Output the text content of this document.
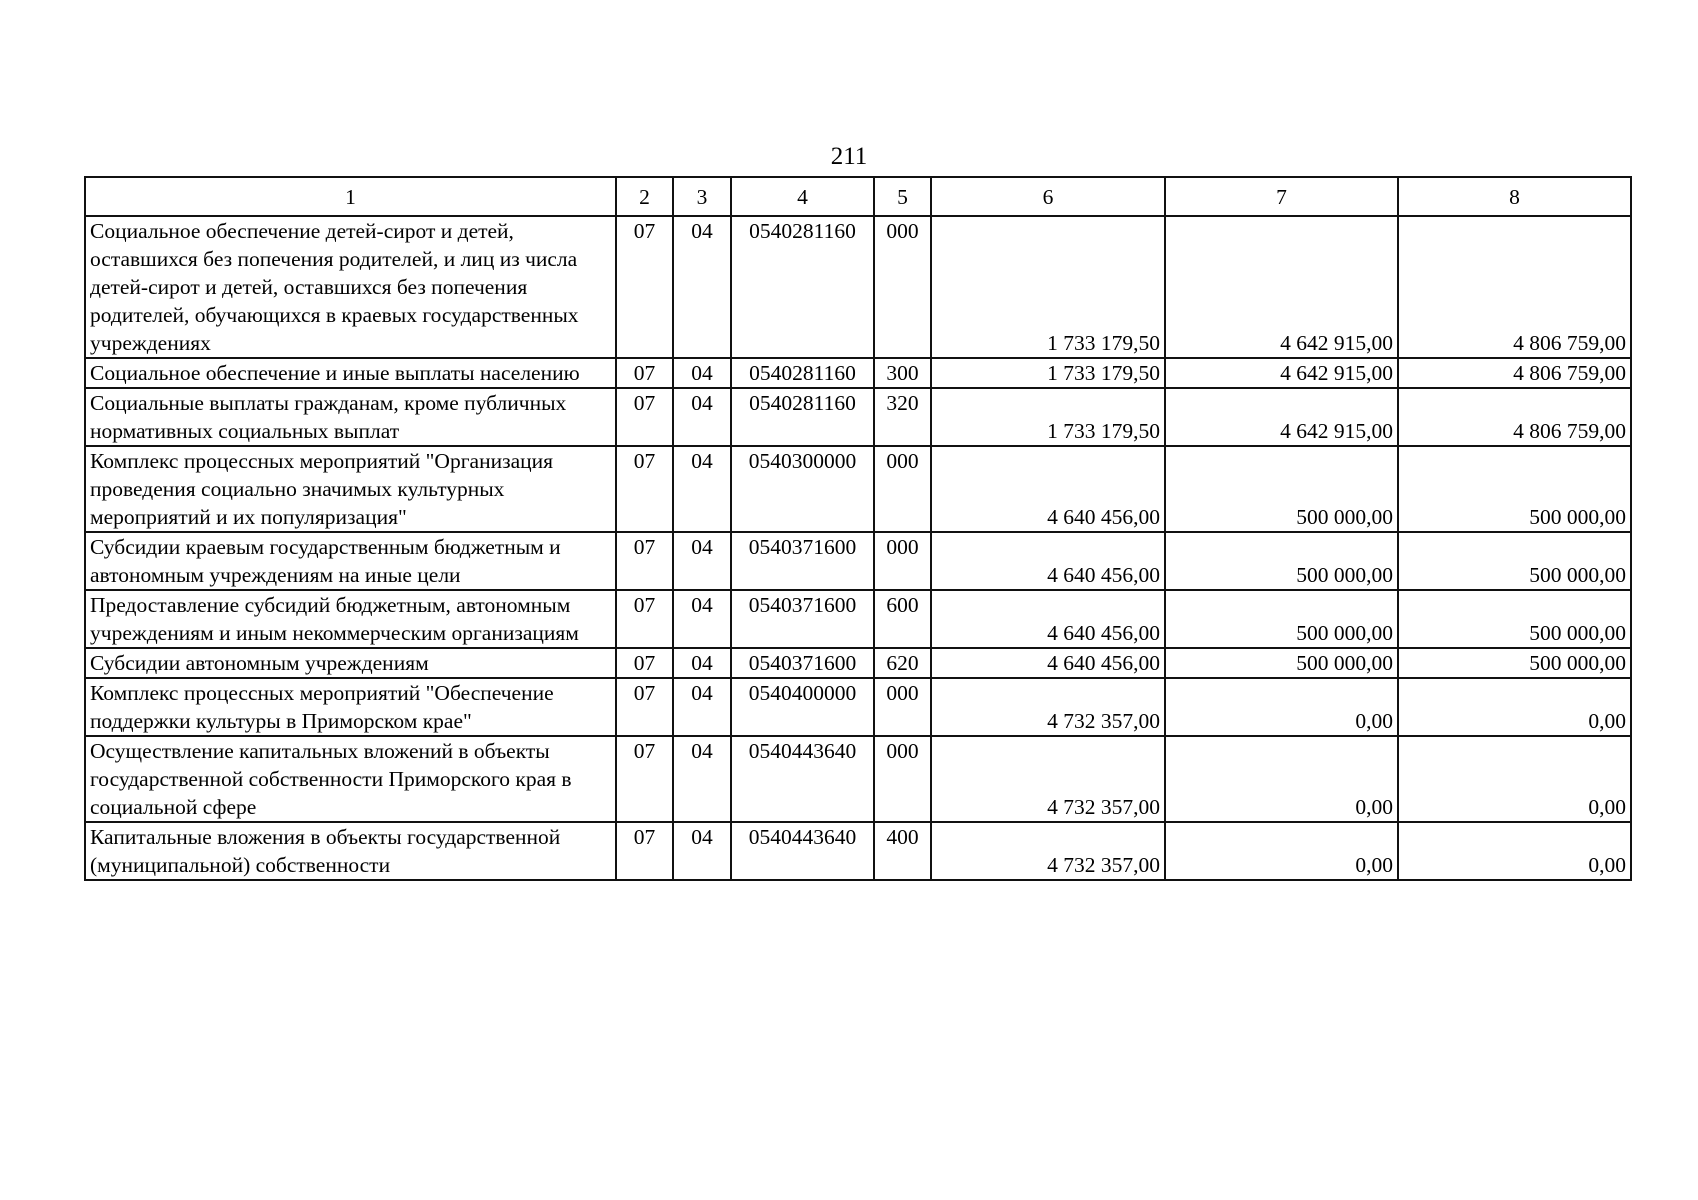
211
1	2	3	4	5	6	7	8
Социальное обеспечение детей-сирот и детей, оставшихся без попечения родителей, и лиц из числа детей-сирот и детей, оставшихся без попечения родителей, обучающихся в краевых государственных учреждениях	07	04	0540281160	000	1 733 179,50	4 642 915,00	4 806 759,00
Социальное обеспечение и иные выплаты населению	07	04	0540281160	300	1 733 179,50	4 642 915,00	4 806 759,00
Социальные выплаты гражданам, кроме публичных нормативных социальных выплат	07	04	0540281160	320	1 733 179,50	4 642 915,00	4 806 759,00
Комплекс процессных мероприятий "Организация проведения социально значимых культурных мероприятий и их популяризация"	07	04	0540300000	000	4 640 456,00	500 000,00	500 000,00
Субсидии краевым государственным бюджетным и автономным учреждениям на иные цели	07	04	0540371600	000	4 640 456,00	500 000,00	500 000,00
Предоставление субсидий бюджетным, автономным учреждениям и иным некоммерческим организациям	07	04	0540371600	600	4 640 456,00	500 000,00	500 000,00
Субсидии автономным учреждениям	07	04	0540371600	620	4 640 456,00	500 000,00	500 000,00
Комплекс процессных мероприятий "Обеспечение поддержки культуры в Приморском крае"	07	04	0540400000	000	4 732 357,00	0,00	0,00
Осуществление капитальных вложений в объекты государственной собственности Приморского края в социальной сфере	07	04	0540443640	000	4 732 357,00	0,00	0,00
Капитальные вложения в объекты государственной (муниципальной) собственности	07	04	0540443640	400	4 732 357,00	0,00	0,00
